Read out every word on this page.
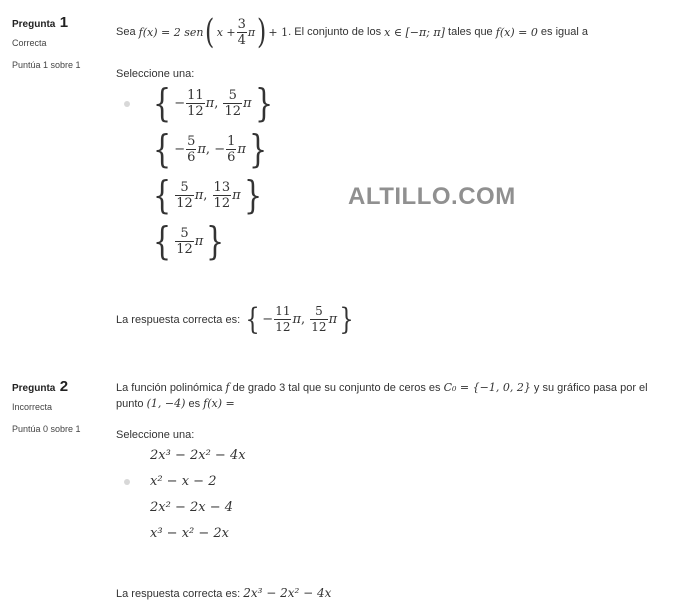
Pregunta 1
Correcta
Puntúa 1 sobre 1
Sea
f(x) = 2 sen ( $x + \frac{3}{4}$ π ) + 1 . El conjunto de los
x ∈ [−π; π]
tales que
f(x) = 0
es igual a
Seleccione una:
{ − $\frac{11}{12}$ π , $\frac{5}{12}$ π }
{ − $\frac{5}{6}$ π , − $\frac{1}{6}$ π }
{ $\frac{5}{12}$ π , $\frac{13}{12}$ π }
{ $\frac{5}{12}$ π }
La respuesta correcta es:
{ − $\frac{11}{12}$ π , $\frac{5}{12}$ π }
ALTILLO.COM
Pregunta 2
Incorrecta
Puntúa 0 sobre 1
La función polinómica f de grado 3 tal que su conjunto de ceros es C₀ = {−1, 0, 2} y su gráfico pasa por el
punto (1, −4) es f(x) =
Seleccione una:
2x³ − 2x² − 4x
x² − x − 2
2x² − 2x − 4
x³ − x² − 2x
La respuesta correcta es: 2x³ − 2x² − 4x
